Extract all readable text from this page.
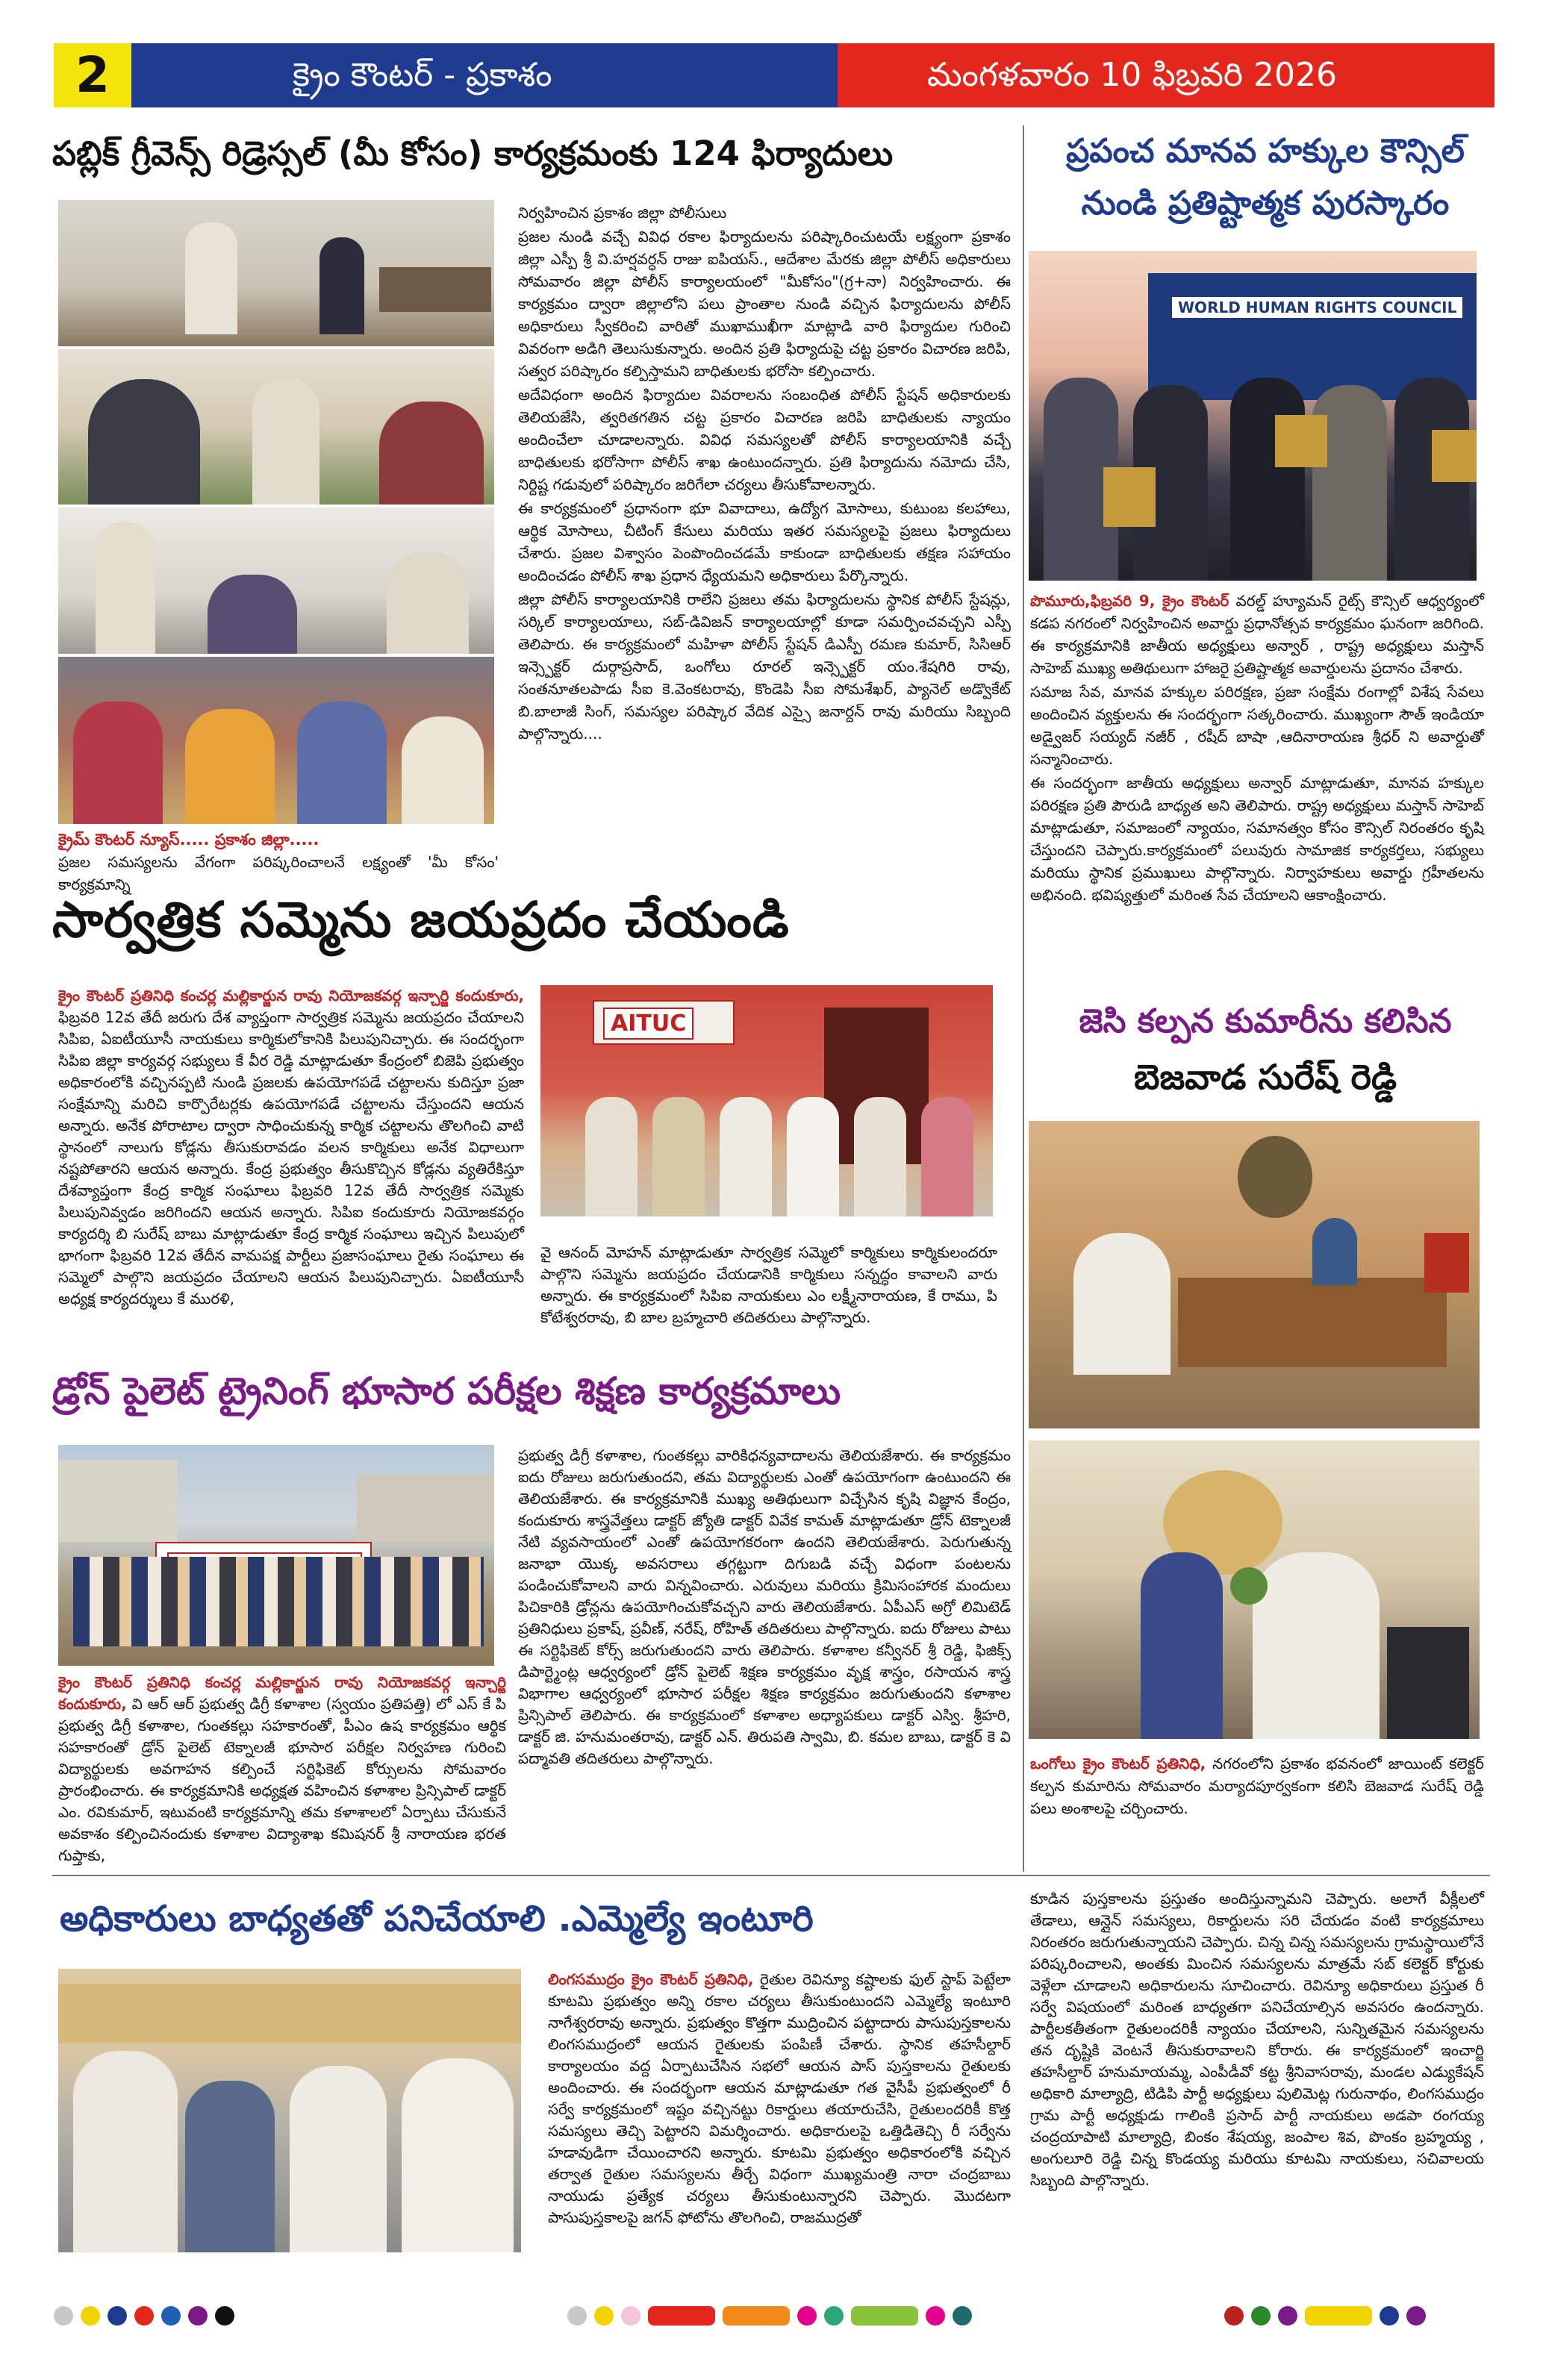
2	క్రైం కౌంటర్ - ప్రకాశం	మంగళవారం 10 ఫిబ్రవరి 2026
పబ్లిక్ గ్రీవెన్స్ రిడ్రెస్సల్ (మీ కోసం) కార్యక్రమంకు 124 ఫిర్యాదులు
క్రైమ్ కౌంటర్ న్యూస్..... ప్రకాశం జిల్లా.....
ప్రజల సమస్యలను వేగంగా పరిష్కరించాలనే లక్ష్యంతో 'మీ కోసం' కార్యక్రమాన్ని

నిర్వహించిన ప్రకాశం జిల్లా పోలీసులు

ప్రజల నుండి వచ్చే వివిధ రకాల ఫిర్యాదులను పరిష్కారించుటయే లక్ష్యంగా ప్రకాశం జిల్లా ఎస్పీ శ్రీ వి.హర్షవర్ధన్ రాజు ఐపియస్., ఆదేశాల మేరకు జిల్లా పోలీస్ అధికారులు సోమవారం జిల్లా పోలీస్ కార్యాలయంలో "మీకోసం"(గ్ర+నా) నిర్వహించారు. ఈ కార్యక్రమం ద్వారా జిల్లాలోని పలు ప్రాంతాల నుండి వచ్చిన ఫిర్యాదులను పోలీస్ అధికారులు స్వీకరించి వారితో ముఖాముఖీగా మాట్లాడి వారి ఫిర్యాదుల గురించి వివరంగా అడిగి తెలుసుకున్నారు. అందిన ప్రతి ఫిర్యాదుపై చట్ట ప్రకారం విచారణ జరిపి, సత్వర పరిష్కారం కల్పిస్తామని బాధితులకు భరోసా కల్పించారు.

అదేవిధంగా అందిన ఫిర్యాదుల వివరాలను సంబంధిత పోలీస్ స్టేషన్ అధికారులకు తెలియజేసి, త్వరితగతిన చట్ట ప్రకారం విచారణ జరిపి బాధితులకు న్యాయం అందించేలా చూడాలన్నారు. వివిధ సమస్యలతో పోలీస్ కార్యాలయానికి వచ్చే బాధితులకు భరోసాగా పోలీస్ శాఖ ఉంటుందన్నారు. ప్రతి ఫిర్యాదును నమోదు చేసి, నిర్దిష్ట గడువులో పరిష్కారం జరిగేలా చర్యలు తీసుకోవాలన్నారు.

ఈ కార్యక్రమంలో ప్రధానంగా భూ వివాదాలు, ఉద్యోగ మోసాలు, కుటుంబ కలహాలు, ఆర్థిక మోసాలు, చీటింగ్ కేసులు మరియు ఇతర సమస్యలపై ప్రజలు ఫిర్యాదులు చేశారు. ప్రజల విశ్వాసం పెంపొందించడమే కాకుండా బాధితులకు తక్షణ సహాయం అందించడం పోలీస్ శాఖ ప్రధాన ధ్యేయమని అధికారులు పేర్కొన్నారు.

జిల్లా పోలీస్ కార్యాలయానికి రాలేని ప్రజలు తమ ఫిర్యాదులను స్థానిక పోలీస్ స్టేషన్లు, సర్కిల్ కార్యాలయాలు, సబ్-డివిజన్ కార్యాలయాల్లో కూడా సమర్పించవచ్చని ఎస్పీ తెలిపారు. ఈ కార్యక్రమంలో మహిళా పోలీస్ స్టేషన్ డిఎస్పీ రమణ కుమార్, సిసిఆర్ ఇన్స్పెక్టర్ దుర్గాప్రసాద్, ఒంగోలు రూరల్ ఇన్స్పెక్టర్ యం.శేషగిరి రావు, సంతనూతలపాడు సీఐ కె.వెంకటరావు, కొండెపి సీఐ సోమశేఖర్, ప్యానెల్ అడ్వొకేట్ బి.బాలాజీ సింగ్, సమస్యల పరిష్కార వేదిక ఎస్సై జనార్దన్ రావు మరియు సిబ్బంది పాల్గొన్నారు....

ప్రపంచ మానవ హక్కుల కౌన్సిల్
నుండి ప్రతిష్టాత్మక పురస్కారం
WORLD HUMAN RIGHTS COUNCIL

పొమూరు,ఫిబ్రవరి 9, క్రైం కౌంటర్ వరల్డ్ హ్యూమన్ రైట్స్ కౌన్సిల్ ఆధ్వర్యంలో కడప నగరంలో నిర్వహించిన అవార్డు ప్రధానోత్సవ కార్యక్రమం ఘనంగా జరిగింది. ఈ కార్యక్రమానికి జాతీయ అధ్యక్షులు అన్వార్ , రాష్ట్ర అధ్యక్షులు మస్తాన్ సాహెబ్ ముఖ్య అతిథులుగా హాజరై ప్రతిష్టాత్మక అవార్డులను ప్రదానం చేశారు.

సమాజ సేవ, మానవ హక్కుల పరిరక్షణ, ప్రజా సంక్షేమ రంగాల్లో విశేష సేవలు అందించిన వ్యక్తులను ఈ సందర్భంగా సత్కరించారు. ముఖ్యంగా సౌత్ ఇండియా అడ్వైజర్ సయ్యద్ నజీర్ , రషీద్ బాషా ,ఆదినారాయణ శ్రీధర్ ని అవార్డుతో సన్మానించారు.

ఈ సందర్భంగా జాతీయ అధ్యక్షులు అన్వార్ మాట్లాడుతూ, మానవ హక్కుల పరిరక్షణ ప్రతి పౌరుడి బాధ్యత అని తెలిపారు. రాష్ట్ర అధ్యక్షులు మస్తాన్ సాహెబ్ మాట్లాడుతూ, సమాజంలో న్యాయం, సమానత్వం కోసం కౌన్సిల్ నిరంతరం కృషి చేస్తుందని చెప్పారు.కార్యక్రమంలో పలువురు సామాజిక కార్యకర్తలు, సభ్యులు మరియు స్థానిక ప్రముఖులు పాల్గొన్నారు. నిర్వాహకులు అవార్డు గ్రహీతలను అభినంది. భవిష్యత్తులో మరింత సేవ చేయాలని ఆకాంక్షించారు.

సార్వత్రిక సమ్మెను జయప్రదం చేయండి

క్రైం కౌంటర్ ప్రతినిధి కంచర్ల మల్లికార్జున రావు నియోజకవర్గ ఇన్చార్జి కందుకూరు, ఫిబ్రవరి 12వ తేదీ జరుగు దేశ వ్యాప్తంగా సార్వత్రిక సమ్మెను జయప్రదం చేయాలని సిపిఐ, ఏఐటీయూసీ నాయకులు కార్మికులోకానికి పిలుపునిచ్చారు. ఈ సందర్భంగా సిపిఐ జిల్లా కార్యవర్గ సభ్యులు కే వీర రెడ్డి మాట్లాడుతూ కేంద్రంలో బిజెపి ప్రభుత్వం అధికారంలోకి వచ్చినప్పటి నుండి ప్రజలకు ఉపయోగపడే చట్టాలను కుదిస్తూ ప్రజా సంక్షేమాన్ని మరిచి కార్పొరేటర్లకు ఉపయోగపడే చట్టాలను చేస్తుందని ఆయన అన్నారు. అనేక పోరాటాల ద్వారా సాధించుకున్న కార్మిక చట్టాలను తొలగించి వాటి స్థానంలో నాలుగు కోడ్లను తీసుకురావడం వలన కార్మికులు అనేక విధాలుగా నష్టపోతారని ఆయన అన్నారు. కేంద్ర ప్రభుత్వం తీసుకొచ్చిన కోడ్లను వ్యతిరేకిస్తూ దేశవ్యాప్తంగా కేంద్ర కార్మిక సంఘాలు ఫిబ్రవరి 12వ తేదీ సార్వత్రిక సమ్మెకు పిలుపునివ్వడం జరిగిందని ఆయన అన్నారు. సిపిఐ కందుకూరు నియోజకవర్గం కార్యదర్శి బి సురేష్ బాబు మాట్లాడుతూ కేంద్ర కార్మిక సంఘాలు ఇచ్చిన పిలుపులో భాగంగా ఫిబ్రవరి 12వ తేదీన వామపక్ష పార్టీలు ప్రజాసంఘాలు రైతు సంఘాలు ఈ సమ్మెలో పాల్గొని జయప్రదం చేయాలని ఆయన పిలుపునిచ్చారు. ఏఐటీయూసీ అధ్యక్ష కార్యదర్శులు కే మురళి,

AITUC

వై ఆనంద్ మోహన్ మాట్లాడుతూ సార్వత్రిక సమ్మెలో కార్మికులు కార్మికులందరూ పాల్గొని సమ్మెను జయప్రదం చేయడానికి కార్మికులు సన్నద్ధం కావాలని వారు అన్నారు. ఈ కార్యక్రమంలో సిపిఐ నాయకులు ఎం లక్ష్మీనారాయణ, కే రాము, పి కోటేశ్వరరావు, బి బాల బ్రహ్మచారి తదితరులు పాల్గొన్నారు.

జెసి కల్పన కుమారీను కలిసిన
బెజవాడ సురేష్ రెడ్డి
ఒంగోలు క్రైం కౌంటర్ ప్రతినిధి, నగరంలోని ప్రకాశం భవనంలో జాయింట్ కలెక్టర్ కల్పన కుమారిను సోమవారం మర్యాదపూర్వకంగా కలిసి బెజవాడ సురేష్ రెడ్డి పలు అంశాలపై చర్చించారు.
డ్రోన్ పైలెట్ ట్రైనింగ్ భూసార పరీక్షల శిక్షణ కార్యక్రమాలు

క్రైం కౌంటర్ ప్రతినిధి కంచర్ల మల్లికార్జున రావు నియోజకవర్గ ఇన్చార్జి కందుకూరు, వి ఆర్ ఆర్ ప్రభుత్వ డిగ్రీ కళాశాల (స్వయం ప్రతిపత్తి) లో ఎస్ కే పి ప్రభుత్వ డిగ్రీ కళాశాల, గుంతకల్లు సహకారంతో, పీఎం ఉష కార్యక్రమం ఆర్థిక సహకారంతో డ్రోన్ పైలెట్ టెక్నాలజీ భూసార పరీక్షల నిర్వహణ గురించి విద్యార్థులకు అవగాహన కల్పించే సర్టిఫికెట్ కోర్సులను సోమవారం ప్రారంభించారు. ఈ కార్యక్రమానికి అధ్యక్షత వహించిన కళాశాల ప్రిన్సిపాల్ డాక్టర్ ఎం. రవికుమార్, ఇటువంటి కార్యక్రమాన్ని తమ కళాశాలలో ఏర్పాటు చేసుకునే అవకాశం కల్పించినందుకు కళాశాల విద్యాశాఖ కమిషనర్ శ్రీ నారాయణ భరత గుప్తాకు,

ప్రభుత్వ డిగ్రీ కళాశాల, గుంతకల్లు వారికిధన్యవాదాలను తెలియజేశారు. ఈ కార్యక్రమం ఐదు రోజులు జరుగుతుందని, తమ విద్యార్థులకు ఎంతో ఉపయోగంగా ఉంటుందని ఈ తెలియజేశారు. ఈ కార్యక్రమానికి ముఖ్య అతిథులుగా విచ్చేసిన కృషి విజ్ఞాన కేంద్రం, కందుకూరు శాస్త్రవేత్తలు డాక్టర్ జ్యోతి డాక్టర్ వివేక కామత్ మాట్లాడుతూ డ్రోన్ టెక్నాలజీ నేటి వ్యవసాయంలో ఎంతో ఉపయోగకరంగా ఉందని తెలియజేశారు. పెరుగుతున్న జనాభా యొక్క అవసరాలు తగ్గట్టుగా దిగుబడి వచ్చే విధంగా పంటలను పండించుకోవాలని వారు విన్నవించారు. ఎరువులు మరియు క్రిమిసంహారక మందులు పిచికారికి డ్రోన్లను ఉపయోగించుకోవచ్చని వారు తెలియజేశారు. ఏపీఎస్ అగ్రో లిమిటెడ్ ప్రతినిధులు ప్రకాష్, ప్రవీణ్, నరేష్, రోహిత్ తదితరులు పాల్గొన్నారు. ఐదు రోజులు పాటు ఈ సర్టిఫికెట్ కోర్స్ జరుగుతుందని వారు తెలిపారు. కళాశాల కన్వీనర్ శ్రీ రెడ్డి, ఫిజిక్స్ డిపార్ట్మెంట్ల ఆధ్వర్యంలో డ్రోన్ పైలెట్ శిక్షణ కార్యక్రమం వృక్ష శాస్త్రం, రసాయన శాస్త్ర విభాగాల ఆధ్వర్యంలో భూసార పరీక్షల శిక్షణ కార్యక్రమం జరుగుతుందని కళాశాల ప్రిన్సిపాల్ తెలిపారు. ఈ కార్యక్రమంలో కళాశాల అధ్యాపకులు డాక్టర్ ఎస్వి. శ్రీహరి, డాక్టర్ జి. హనుమంతరావు, డాక్టర్ ఎన్. తిరుపతి స్వామి, బి. కమల బాబు, డాక్టర్ కె వి పద్మావతి తదితరులు పాల్గొన్నారు.

అధికారులు బాధ్యతతో పనిచేయాలి .ఎమ్మెల్యే ఇంటూరి

లింగసముద్రం క్రైం కౌంటర్ ప్రతినిధి, రైతుల రెవిన్యూ కష్టాలకు ఫుల్ స్టాప్ పెట్టేలా కూటమి ప్రభుత్వం అన్ని రకాల చర్యలు తీసుకుంటుందని ఎమ్మెల్యే ఇంటూరి నాగేశ్వరరావు అన్నారు. ప్రభుత్వం కొత్తగా ముద్రించిన పట్టాదారు పాసుపుస్తకాలను లింగసముద్రంలో ఆయన రైతులకు పంపిణీ చేశారు. స్థానిక తహసీల్దార్ కార్యాలయం వద్ద ఏర్పాటుచేసిన సభలో ఆయన పాస్ పుస్తకాలను రైతులకు అందించారు. ఈ సందర్భంగా ఆయన మాట్లాడుతూ గత వైసీపీ ప్రభుత్వంలో రీ సర్వే కార్యక్రమంలో ఇష్టం వచ్చినట్టు రికార్డులు తయారుచేసి, రైతులందరికీ కొత్త సమస్యలు తెచ్చి పెట్టారని విమర్శించారు. అధికారులపై ఒత్తిడితెచ్చి రీ సర్వేను హడావుడిగా చేయించారని అన్నారు. కూటమి ప్రభుత్వం అధికారంలోకి వచ్చిన తర్వాత రైతుల సమస్యలను తీర్చే విధంగా ముఖ్యమంత్రి నారా చంద్రబాబు నాయుడు ప్రత్యేక చర్యలు తీసుకుంటున్నారని చెప్పారు. మొదటగా పాసుపుస్తకాలపై జగన్ ఫోటోను తొలగించి, రాజముద్రతో

కూడిన పుస్తకాలను ప్రస్తుతం అందిస్తున్నామని చెప్పారు. అలాగే వీక్లీలలో తేడాలు, ఆన్లైన్ సమస్యలు, రికార్డులను సరి చేయడం వంటి కార్యక్రమాలు నిరంతరం జరుగుతున్నాయని చెప్పారు. చిన్న చిన్న సమస్యలను గ్రామస్థాయిలోనే పరిష్కరించాలని, అంతకు మించిన సమస్యలను మాత్రమే సబ్ కలెక్టర్ కోర్టుకు వెళ్లేలా చూడాలని అధికారులను సూచించారు. రెవిన్యూ అధికారులు ప్రస్తుత రీ సర్వే విషయంలో మరింత బాధ్యతగా పనిచేయాల్సిన అవసరం ఉందన్నారు. పార్టీలకతీతంగా రైతులందరికీ న్యాయం చేయాలని, సున్నితమైన సమస్యలను తన దృష్టికి వెంటనే తీసుకురావాలని కోరారు. ఈ కార్యక్రమంలో ఇంచార్జి తహసీల్దార్ హనుమాయమ్మ, ఎంపీడీవో కట్ట శ్రీనివాసరావు, మండల ఎడ్యుకేషన్ అధికారి మాల్యాద్రి, టిడిపి పార్టీ అధ్యక్షులు పులిమెట్ల గురునాథం, లింగసముద్రం గ్రామ పార్టీ అధ్యక్షుడు గాలింకి ప్రసాద్ పార్టీ నాయకులు అడపా రంగయ్య చంద్రయాపాటి మాల్యాద్రి, బింకం శేషయ్య, జంపాల శివ, పొంకం బ్రహ్మయ్య , అంగులూరి రెడ్డి చిన్న కొండయ్య మరియు కూటమి నాయకులు, సచివాలయ సిబ్బంది పాల్గొన్నారు.
